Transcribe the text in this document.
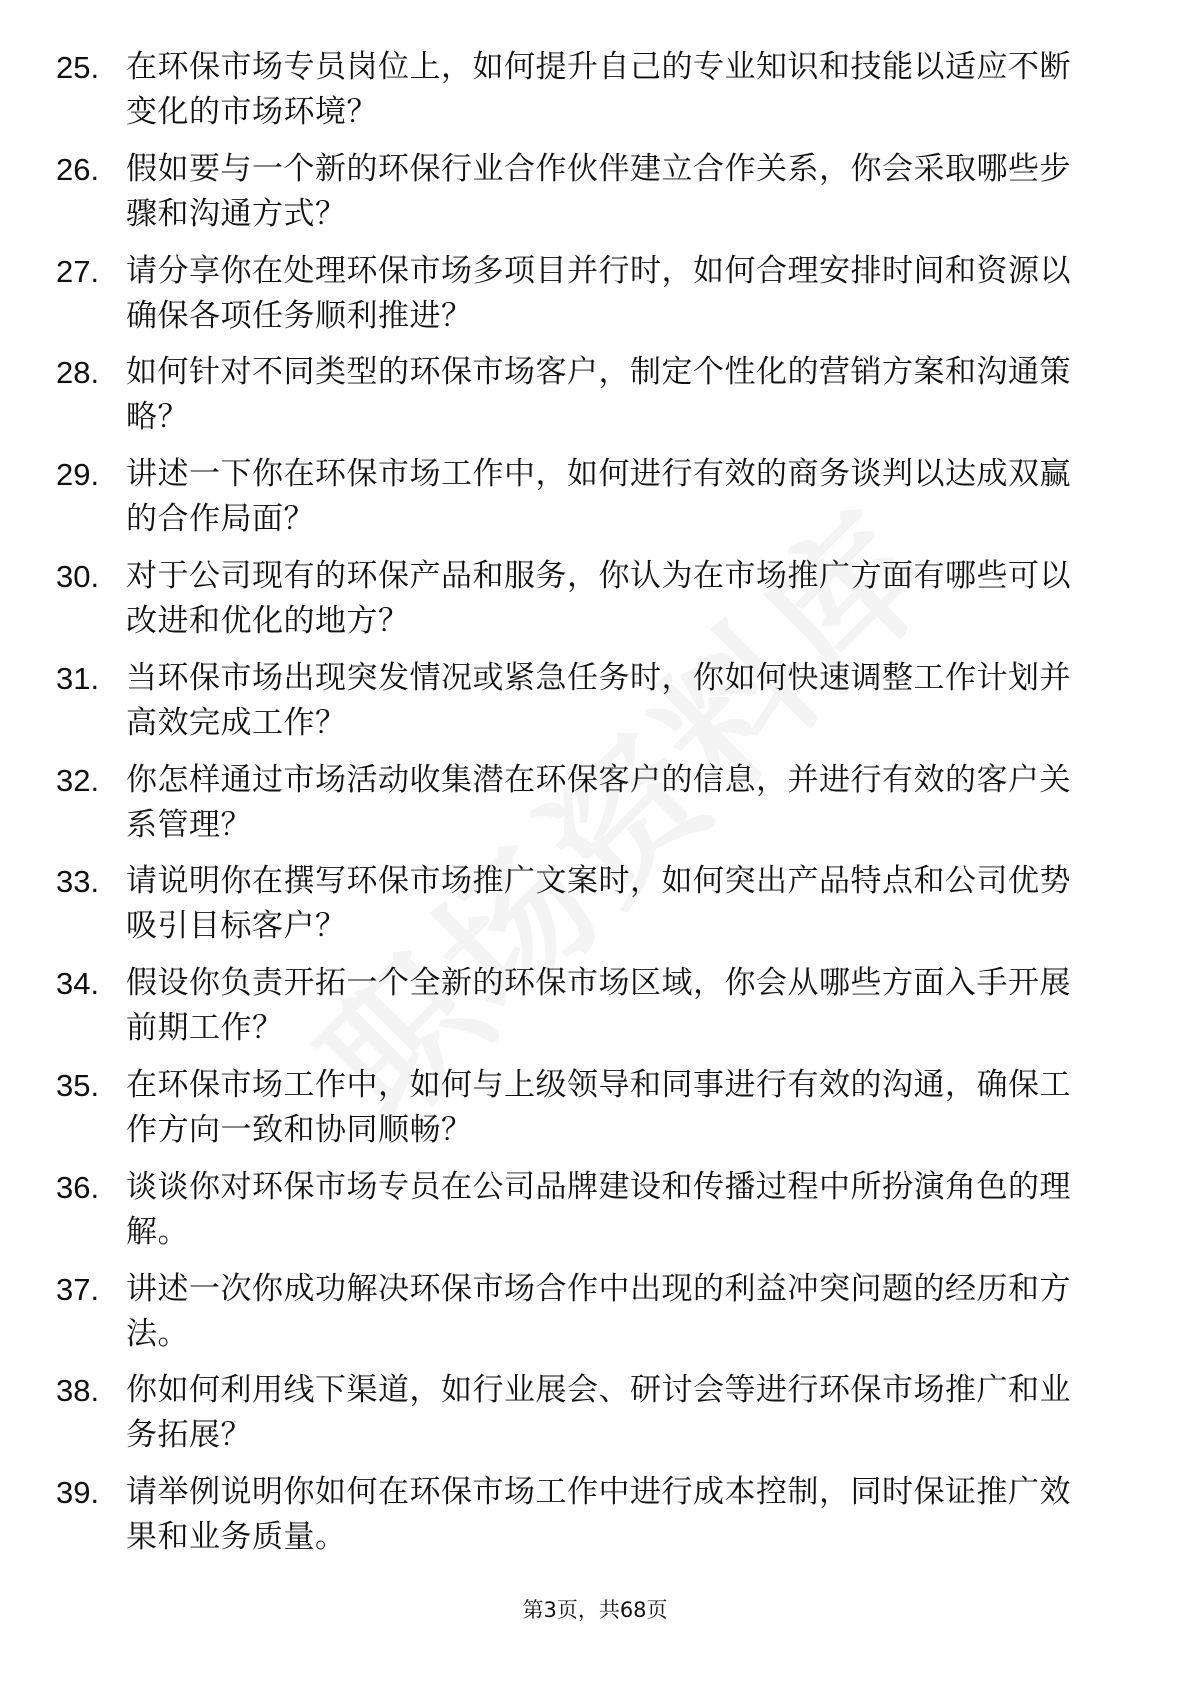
25. 在环保市场专员岗位上，如何提升自己的专业知识和技能以适应不断变化的市场环境？
26. 假如要与一个新的环保行业合作伙伴建立合作关系，你会采取哪些步骤和沟通方式？
27. 请分享你在处理环保市场多项目并行时，如何合理安排时间和资源以确保各项任务顺利推进？
28. 如何针对不同类型的环保市场客户，制定个性化的营销方案和沟通策略？
29. 讲述一下你在环保市场工作中，如何进行有效的商务谈判以达成双赢的合作局面？
30. 对于公司现有的环保产品和服务，你认为在市场推广方面有哪些可以改进和优化的地方？
31. 当环保市场出现突发情况或紧急任务时，你如何快速调整工作计划并高效完成工作？
32. 你怎样通过市场活动收集潜在环保客户的信息，并进行有效的客户关系管理？
33. 请说明你在撰写环保市场推广文案时，如何突出产品特点和公司优势吸引目标客户？
34. 假设你负责开拓一个全新的环保市场区域，你会从哪些方面入手开展前期工作？
35. 在环保市场工作中，如何与上级领导和同事进行有效的沟通，确保工作方向一致和协同顺畅？
36. 谈谈你对环保市场专员在公司品牌建设和传播过程中所扮演角色的理解。
37. 讲述一次你成功解决环保市场合作中出现的利益冲突问题的经历和方法。
38. 你如何利用线下渠道，如行业展会、研讨会等进行环保市场推广和业务拓展？
39. 请举例说明你如何在环保市场工作中进行成本控制，同时保证推广效果和业务质量。
第3页，共68页
